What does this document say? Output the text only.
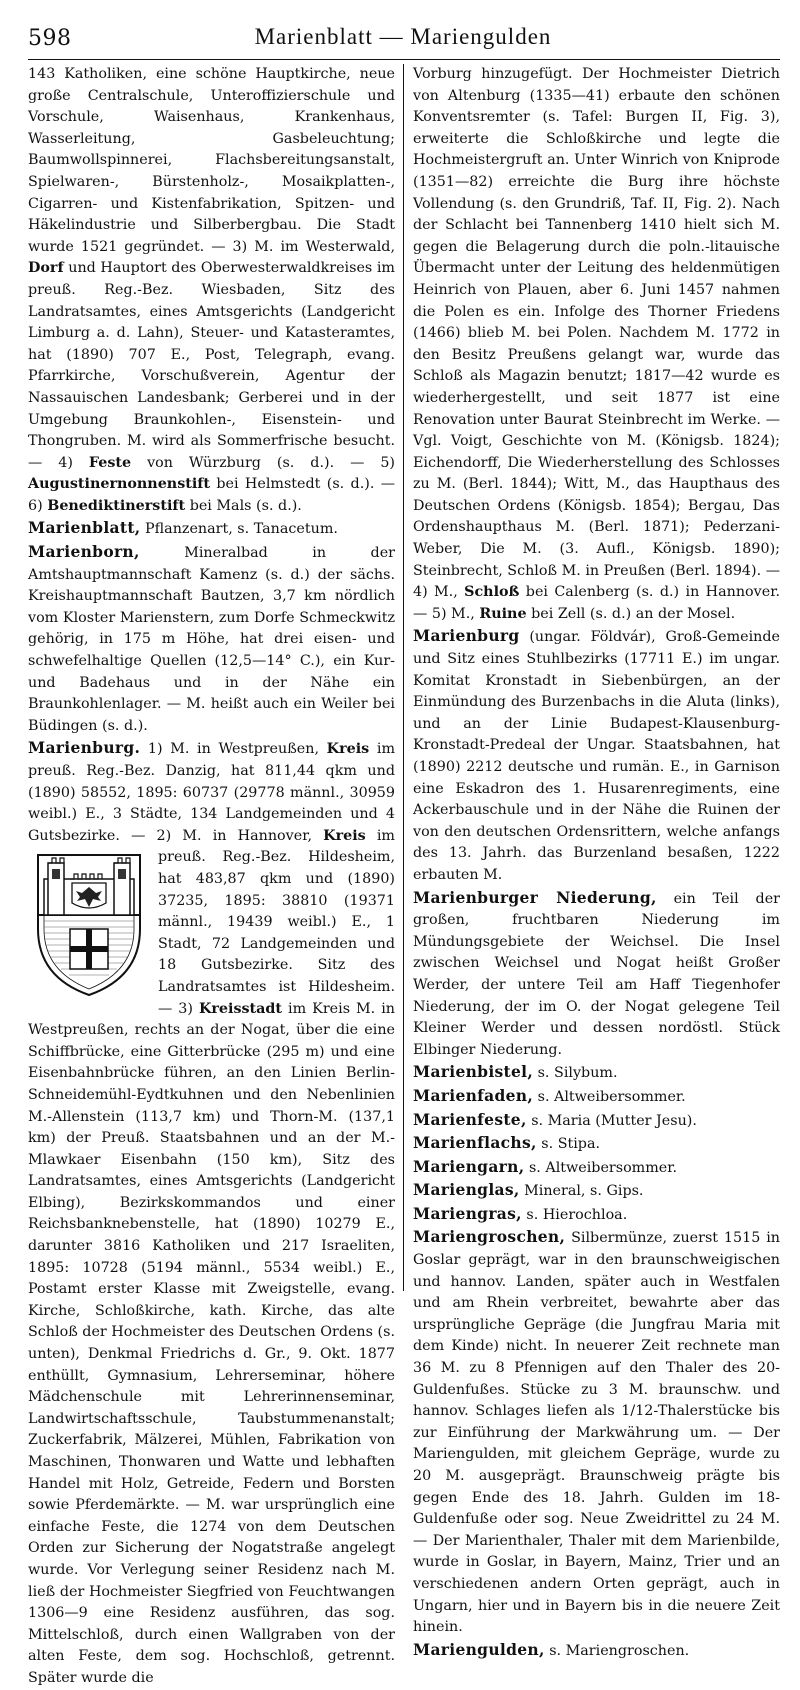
598	Marienblatt — Mariengulden

143 Katholiken, eine schöne Hauptkirche, neue große Centralschule, Unteroffizierschule und Vorschule, Waisenhaus, Krankenhaus, Wasserleitung, Gasbeleuchtung; Baumwollspinnerei, Flachsbereitungsanstalt, Spielwaren-, Bürstenholz-, Mosaikplatten-, Cigarren- und Kistenfabrikation, Spitzen- und Häkelindustrie und Silberbergbau. Die Stadt wurde 1521 gegründet. — 3) M. im Westerwald, Dorf und Hauptort des Oberwesterwaldkreises im preuß. Reg.-Bez. Wiesbaden, Sitz des Landratsamtes, eines Amtsgerichts (Landgericht Limburg a. d. Lahn), Steuer- und Katasteramtes, hat (1890) 707 E., Post, Telegraph, evang. Pfarrkirche, Vorschußverein, Agentur der Nassauischen Landesbank; Gerberei und in der Umgebung Braunkohlen-, Eisenstein- und Thongruben. M. wird als Sommerfrische besucht. — 4) Feste von Würzburg (s. d.). — 5) Augustinernonnenstift bei Helmstedt (s. d.). — 6) Benediktinerstift bei Mals (s. d.).

Marienblatt, Pflanzenart, s. Tanacetum.

Marienborn,	Mineralbad in der Amtshauptmannschaft Kamenz (s. d.) der sächs. Kreishauptmannschaft Bautzen, 3,7 km nördlich vom Kloster Marienstern, zum Dorfe Schmeckwitz gehörig, in 175 m Höhe, hat drei eisen- und schwefelhaltige Quellen (12,5—14° C.), ein Kur- und Badehaus und in der Nähe ein Braunkohlenlager. — M. heißt auch ein Weiler bei Büdingen (s. d.).

Marienburg. 1) M. in Westpreußen, Kreis im preuß. Reg.-Bez. Danzig, hat 811,44 qkm und (1890) 58552, 1895: 60737 (29778 männl., 30959 weibl.) E., 3 Städte, 134 Landgemeinden und 4 Gutsbezirke. — 2) M. in Hannover, Kreis im preuß. Reg.-Bez. Hildesheim, hat 483,87 qkm und (1890) 37235, 1895: 38810 (19371 männl., 19439 weibl.) E., 1 Stadt, 72 Landgemeinden und 18 Gutsbezirke. Sitz des Landratsamtes ist Hildesheim. — 3) Kreisstadt im Kreis M. in Westpreußen, rechts an der Nogat, über die eine Schiffbrücke, eine Gitterbrücke (295 m) und eine Eisenbahnbrücke führen, an den Linien Berlin-Schneidemühl-Eydtkuhnen und den Nebenlinien M.-Allenstein (113,7 km) und Thorn-M. (137,1 km) der Preuß. Staatsbahnen und an der M.-Mlawkaer Eisenbahn (150 km), Sitz des Landratsamtes, eines Amtsgerichts (Landgericht Elbing), Bezirkskommandos und einer Reichsbanknebenstelle, hat (1890) 10279 E., darunter 3816 Katholiken und 217 Israeliten, 1895: 10728 (5194 männl., 5534 weibl.) E., Postamt erster Klasse mit Zweigstelle, evang. Kirche, Schloßkirche, kath. Kirche, das alte Schloß der Hochmeister des Deutschen Ordens (s. unten), Denkmal Friedrichs d. Gr., 9. Okt. 1877 enthüllt, Gymnasium, Lehrerseminar, höhere Mädchenschule mit Lehrerinnenseminar, Landwirtschaftsschule, Taubstummenanstalt; Zuckerfabrik, Mälzerei, Mühlen, Fabrikation von Maschinen, Thonwaren und Watte und lebhaften Handel mit Holz, Getreide, Federn und Borsten sowie Pferdemärkte. — M. war ursprünglich eine einfache Feste, die 1274 von dem Deutschen Orden zur Sicherung der Nogatstraße angelegt wurde. Vor Verlegung seiner Residenz nach M. ließ der Hochmeister Siegfried von Feuchtwangen 1306—9 eine Residenz ausführen, das sog. Mittelschloß, durch einen Wallgraben von der alten Feste, dem sog. Hochschloß, getrennt. Später wurde die

Vorburg hinzugefügt. Der Hochmeister Dietrich von Altenburg (1335—41) erbaute den schönen Konventsremter (s. Tafel: Burgen II, Fig. 3), erweiterte die Schloßkirche und legte die Hochmeistergruft an. Unter Winrich von Kniprode (1351—82) erreichte die Burg ihre höchste Vollendung (s. den Grundriß, Taf. II, Fig. 2). Nach der Schlacht bei Tannenberg 1410 hielt sich M. gegen die Belagerung durch die poln.-litauische Übermacht unter der Leitung des heldenmütigen Heinrich von Plauen, aber 6. Juni 1457 nahmen die Polen es ein. Infolge des Thorner Friedens (1466) blieb M. bei Polen. Nachdem M. 1772 in den Besitz Preußens gelangt war, wurde das Schloß als Magazin benutzt; 1817—42 wurde es wiederhergestellt, und seit 1877 ist eine Renovation unter Baurat Steinbrecht im Werke. — Vgl. Voigt, Geschichte von M. (Königsb. 1824); Eichendorff, Die Wiederherstellung des Schlosses zu M. (Berl. 1844); Witt, M., das Haupthaus des Deutschen Ordens (Königsb. 1854); Bergau, Das Ordenshaupthaus M. (Berl. 1871); Pederzani-Weber, Die M. (3. Aufl., Königsb. 1890); Steinbrecht, Schloß M. in Preußen (Berl. 1894). — 4) M., Schloß bei Calenberg (s. d.) in Hannover. — 5) M., Ruine bei Zell (s. d.) an der Mosel.

Marienburg (ungar. Földvár), Groß-Gemeinde und Sitz eines Stuhlbezirks (17711 E.) im ungar. Komitat Kronstadt in Siebenbürgen, an der Einmündung des Burzenbachs in die Aluta (links), und an der Linie Budapest-Klausenburg-Kronstadt-Predeal der Ungar. Staatsbahnen, hat (1890) 2212 deutsche und rumän. E., in Garnison eine Eskadron des 1. Husarenregiments, eine Ackerbauschule und in der Nähe die Ruinen der von den deutschen Ordensrittern, welche anfangs des 13. Jahrh. das Burzenland besaßen, 1222 erbauten M.

Marienburger Niederung, ein Teil der großen, fruchtbaren Niederung im Mündungsgebiete der Weichsel. Die Insel zwischen Weichsel und Nogat heißt Großer Werder, der untere Teil am Haff Tiegenhofer Niederung, der im O. der Nogat gelegene Teil Kleiner Werder und dessen nordöstl. Stück Elbinger Niederung.

Marienbistel, s. Silybum.

Marienfaden, s. Altweibersommer.

Marienfeste, s. Maria (Mutter Jesu).

Marienflachs, s. Stipa.

Mariengarn, s. Altweibersommer.

Marienglas, Mineral, s. Gips.

Mariengras, s. Hierochloa.

Mariengroschen, Silbermünze, zuerst 1515 in Goslar geprägt, war in den braunschweigischen und hannov. Landen, später auch in Westfalen und am Rhein verbreitet, bewahrte aber das ursprüngliche Gepräge (die Jungfrau Maria mit dem Kinde) nicht. In neuerer Zeit rechnete man 36 M. zu 8 Pfennigen auf den Thaler des 20-Guldenfußes. Stücke zu 3 M. braunschw. und hannov. Schlages liefen als 1/12-Thalerstücke bis zur Einführung der Markwährung um. — Der Mariengulden, mit gleichem Gepräge, wurde zu 20 M. ausgeprägt. Braunschweig prägte bis gegen Ende des 18. Jahrh. Gulden im 18-Guldenfuße oder sog. Neue Zweidrittel zu 24 M. — Der Marienthaler, Thaler mit dem Marienbilde, wurde in Goslar, in Bayern, Mainz, Trier und an verschiedenen andern Orten geprägt, auch in Ungarn, hier und in Bayern bis in die neuere Zeit hinein.

Mariengulden, s. Mariengroschen.
